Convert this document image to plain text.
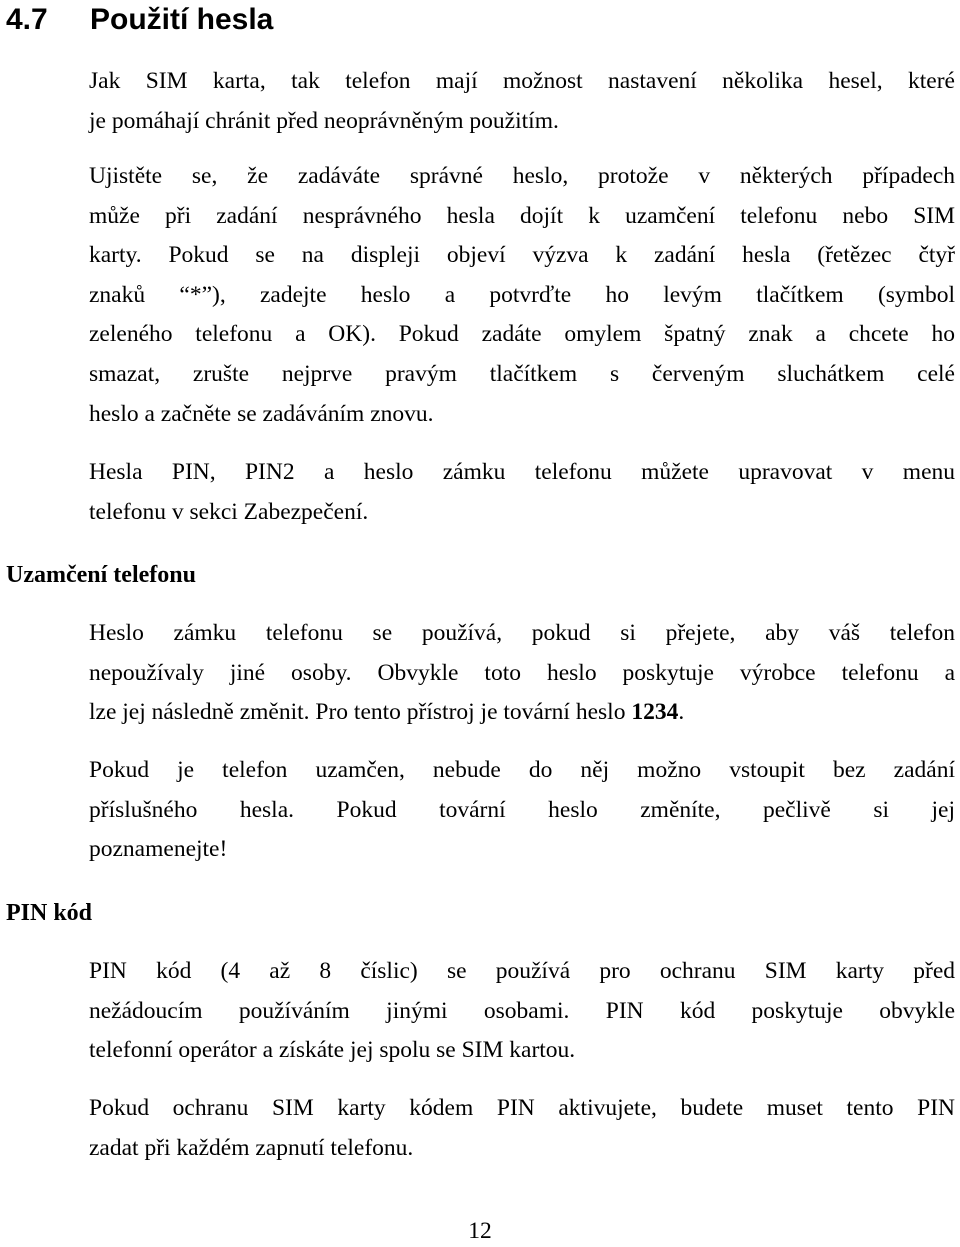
4.7 Použití hesla
Jak SIM karta, tak telefon mají možnost nastavení několika hesel, které
je pomáhají chránit před neoprávněným použitím.
Ujistěte se, že zadáváte správné heslo, protože v některých případech
může při zadání nesprávného hesla dojít k uzamčení telefonu nebo SIM
karty. Pokud se na displeji objeví výzva k zadání hesla (řetězec čtyř
znaků “*”), zadejte heslo a potvrďte ho levým tlačítkem (symbol
zeleného telefonu a OK). Pokud zadáte omylem špatný znak a chcete ho
smazat, zrušte nejprve pravým tlačítkem s červeným sluchátkem celé
heslo a začněte se zadáváním znovu.
Hesla PIN, PIN2 a heslo zámku telefonu můžete upravovat v menu
telefonu v sekci Zabezpečení.
Uzamčení telefonu
Heslo zámku telefonu se používá, pokud si přejete, aby váš telefon
nepoužívaly jiné osoby. Obvykle toto heslo poskytuje výrobce telefonu a
lze jej následně změnit. Pro tento přístroj je tovární heslo 1234.
Pokud je telefon uzamčen, nebude do něj možno vstoupit bez zadání
příslušného hesla. Pokud tovární heslo změníte, pečlivě si jej
poznamenejte!
PIN kód
PIN kód (4 až 8 číslic) se používá pro ochranu SIM karty před
nežádoucím používáním jinými osobami. PIN kód poskytuje obvykle
telefonní operátor a získáte jej spolu se SIM kartou.
Pokud ochranu SIM karty kódem PIN aktivujete, budete muset tento PIN
zadat při každém zapnutí telefonu.
12
